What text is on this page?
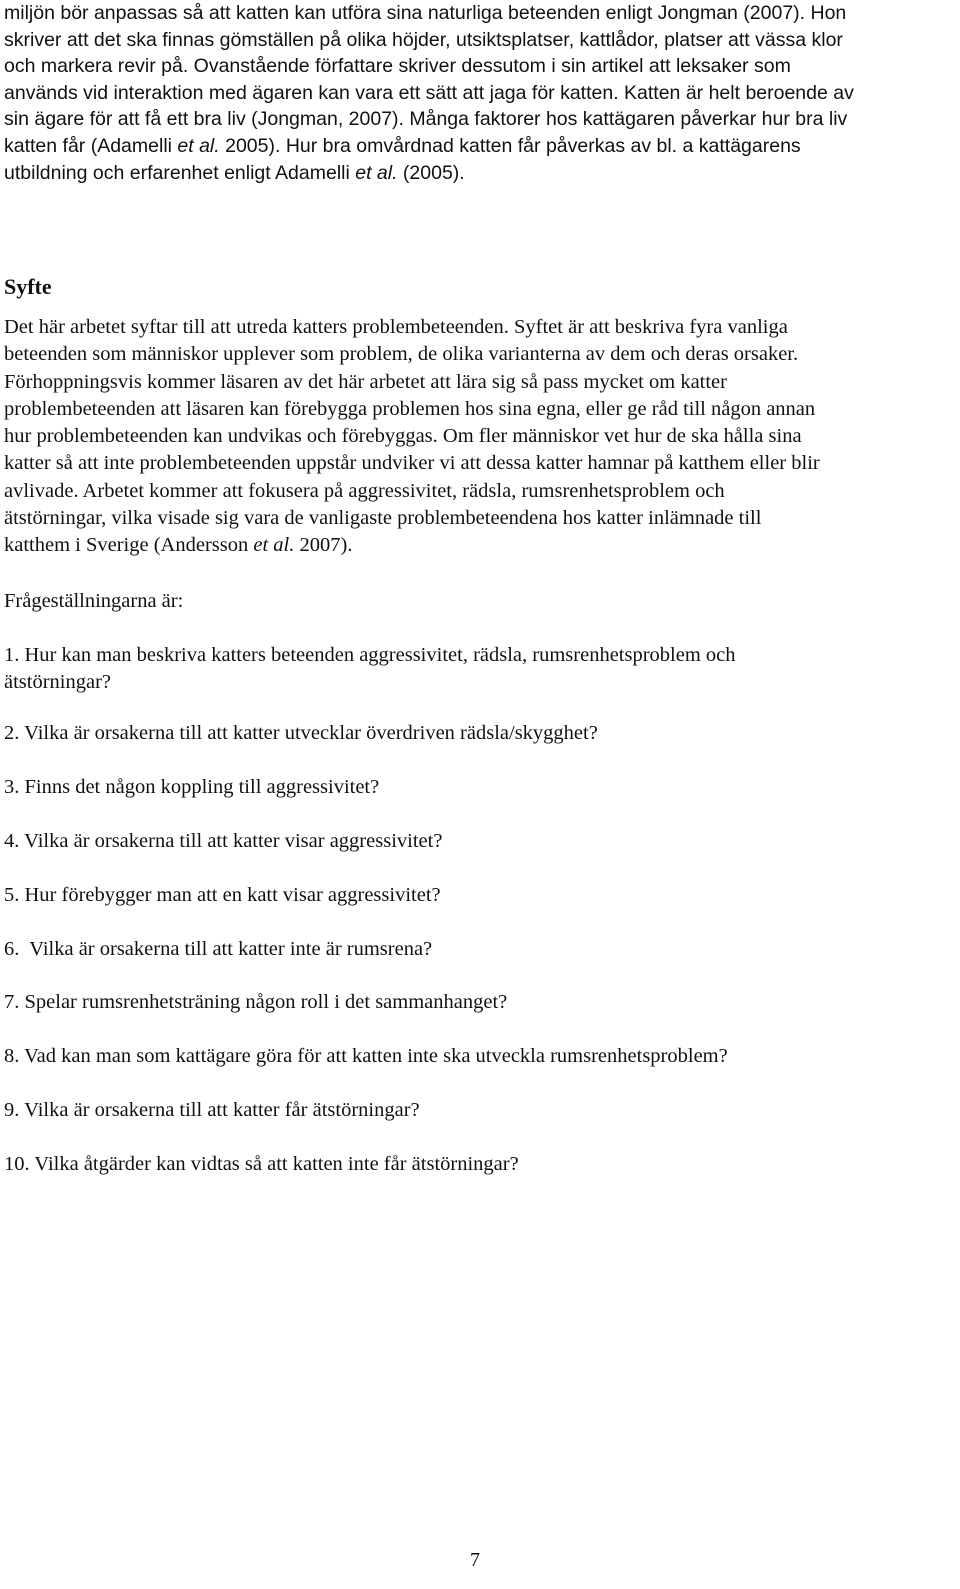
miljön bör anpassas så att katten kan utföra sina naturliga beteenden enligt Jongman (2007). Hon
skriver att det ska finnas gömställen på olika höjder, utsiktsplatser, kattlådor, platser att vässa klor
och markera revir på. Ovanstående författare skriver dessutom i sin artikel att leksaker som
används vid interaktion med ägaren kan vara ett sätt att jaga för katten. Katten är helt beroende av
sin ägare för att få ett bra liv (Jongman, 2007). Många faktorer hos kattägaren påverkar hur bra liv
katten får (Adamelli et al. 2005). Hur bra omvårdnad katten får påverkas av bl. a kattägarens
utbildning och erfarenhet enligt Adamelli et al. (2005).
Syfte
Det här arbetet syftar till att utreda katters problembeteenden. Syftet är att beskriva fyra vanliga
beteenden som människor upplever som problem, de olika varianterna av dem och deras orsaker.
Förhoppningsvis kommer läsaren av det här arbetet att lära sig så pass mycket om katter
problembeteenden att läsaren kan förebygga problemen hos sina egna, eller ge råd till någon annan
hur problembeteenden kan undvikas och förebyggas. Om fler människor vet hur de ska hålla sina
katter så att inte problembeteenden uppstår undviker vi att dessa katter hamnar på katthem eller blir
avlivade. Arbetet kommer att fokusera på aggressivitet, rädsla, rumsrenhetsproblem och
ätstörningar, vilka visade sig vara de vanligaste problembeteendena hos katter inlämnade till
katthem i Sverige (Andersson et al. 2007).

Frågeställningarna är:

1. Hur kan man beskriva katters beteenden aggressivitet, rädsla, rumsrenhetsproblem och
ätstörningar?
2. Vilka är orsakerna till att katter utvecklar överdriven rädsla/skygghet?
3. Finns det någon koppling till aggressivitet?
4. Vilka är orsakerna till att katter visar aggressivitet?
5. Hur förebygger man att en katt visar aggressivitet?
6.  Vilka är orsakerna till att katter inte är rumsrena?
7. Spelar rumsrenhetsträning någon roll i det sammanhanget?
8. Vad kan man som kattägare göra för att katten inte ska utveckla rumsrenhetsproblem?
9. Vilka är orsakerna till att katter får ätstörningar?
10. Vilka åtgärder kan vidtas så att katten inte får ätstörningar?
7
